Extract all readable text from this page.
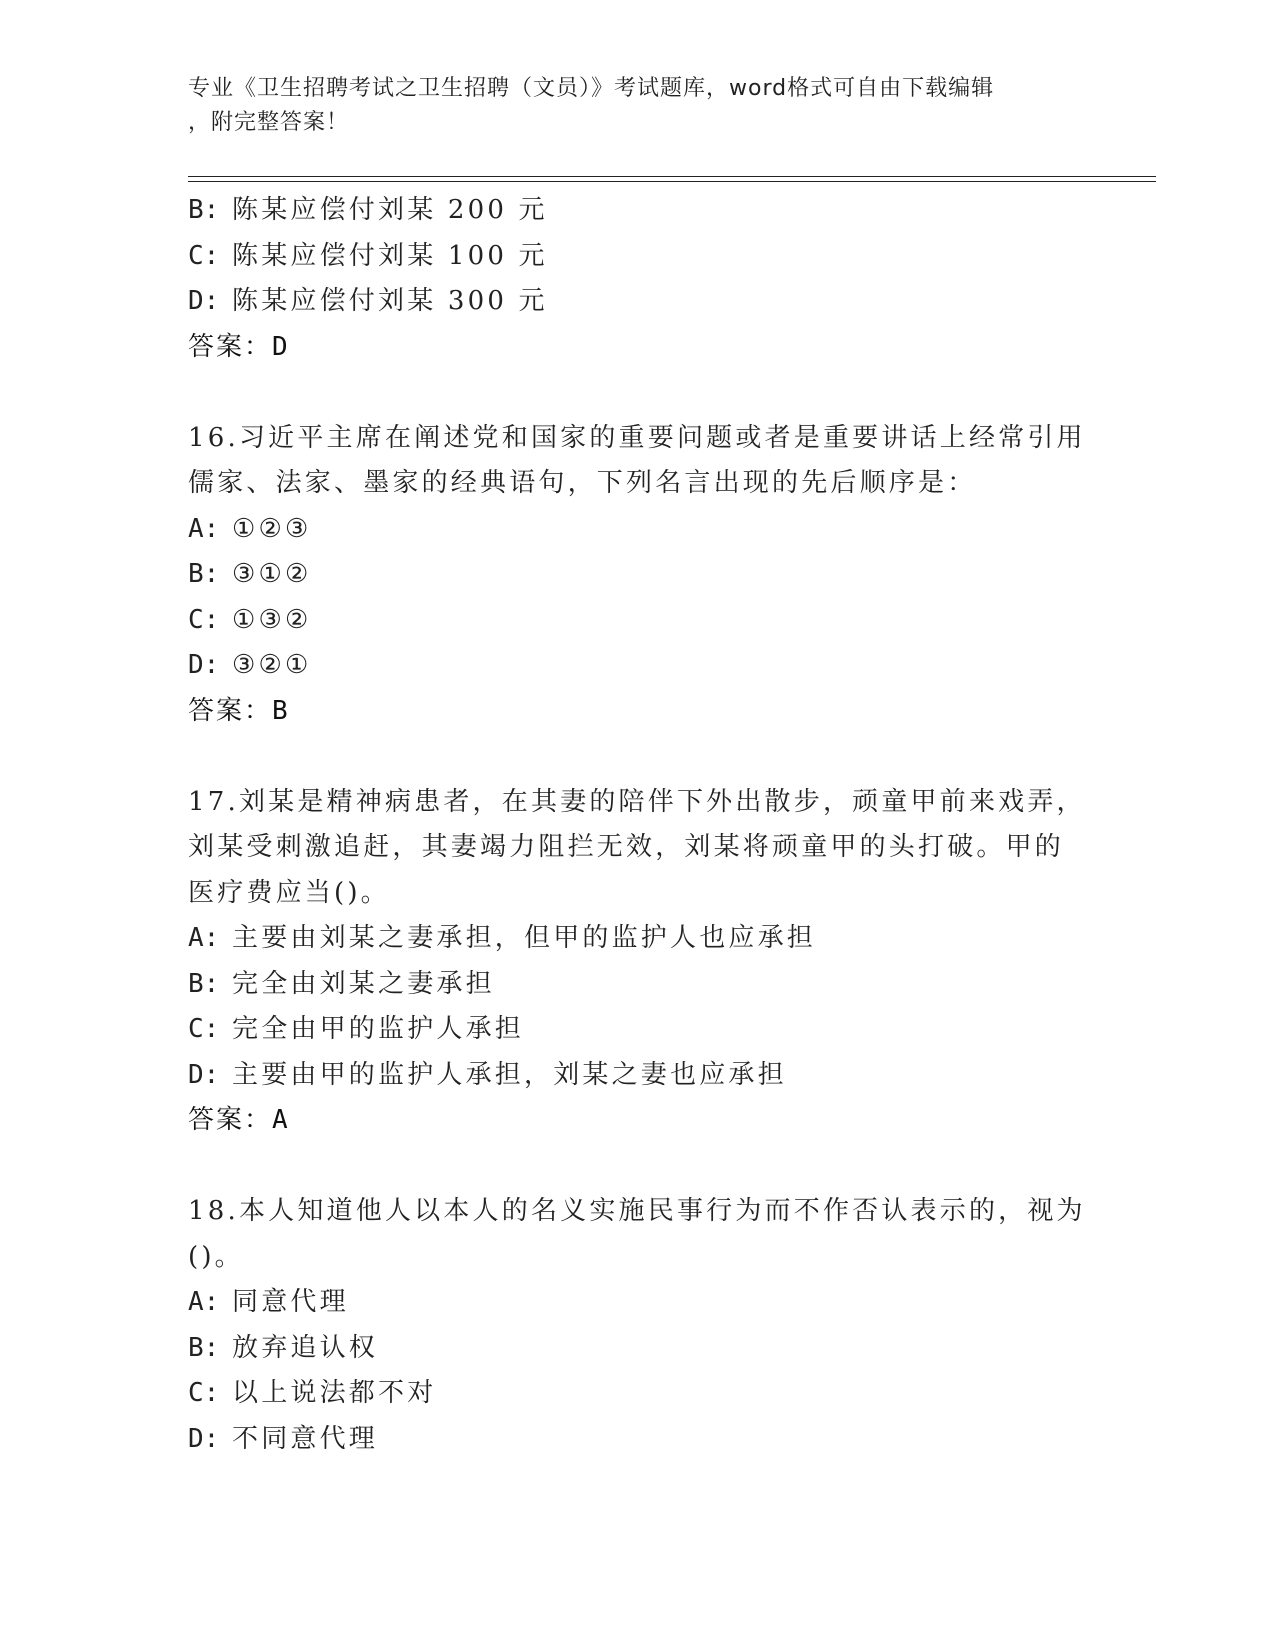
专业《卫生招聘考试之卫生招聘（文员）》考试题库，word格式可自由下载编辑
，附完整答案！
B: 陈某应偿付刘某 200 元
C: 陈某应偿付刘某 100 元
D: 陈某应偿付刘某 300 元
答案：D
16.习近平主席在阐述党和国家的重要问题或者是重要讲话上经常引用
儒家、法家、墨家的经典语句，下列名言出现的先后顺序是：
A: ①②③
B: ③①②
C: ①③②
D: ③②①
答案：B
17.刘某是精神病患者，在其妻的陪伴下外出散步，顽童甲前来戏弄，
刘某受刺激追赶，其妻竭力阻拦无效，刘某将顽童甲的头打破。甲的
医疗费应当()。
A: 主要由刘某之妻承担，但甲的监护人也应承担
B: 完全由刘某之妻承担
C: 完全由甲的监护人承担
D: 主要由甲的监护人承担，刘某之妻也应承担
答案：A
18.本人知道他人以本人的名义实施民事行为而不作否认表示的，视为
()。
A: 同意代理
B: 放弃追认权
C: 以上说法都不对
D: 不同意代理
